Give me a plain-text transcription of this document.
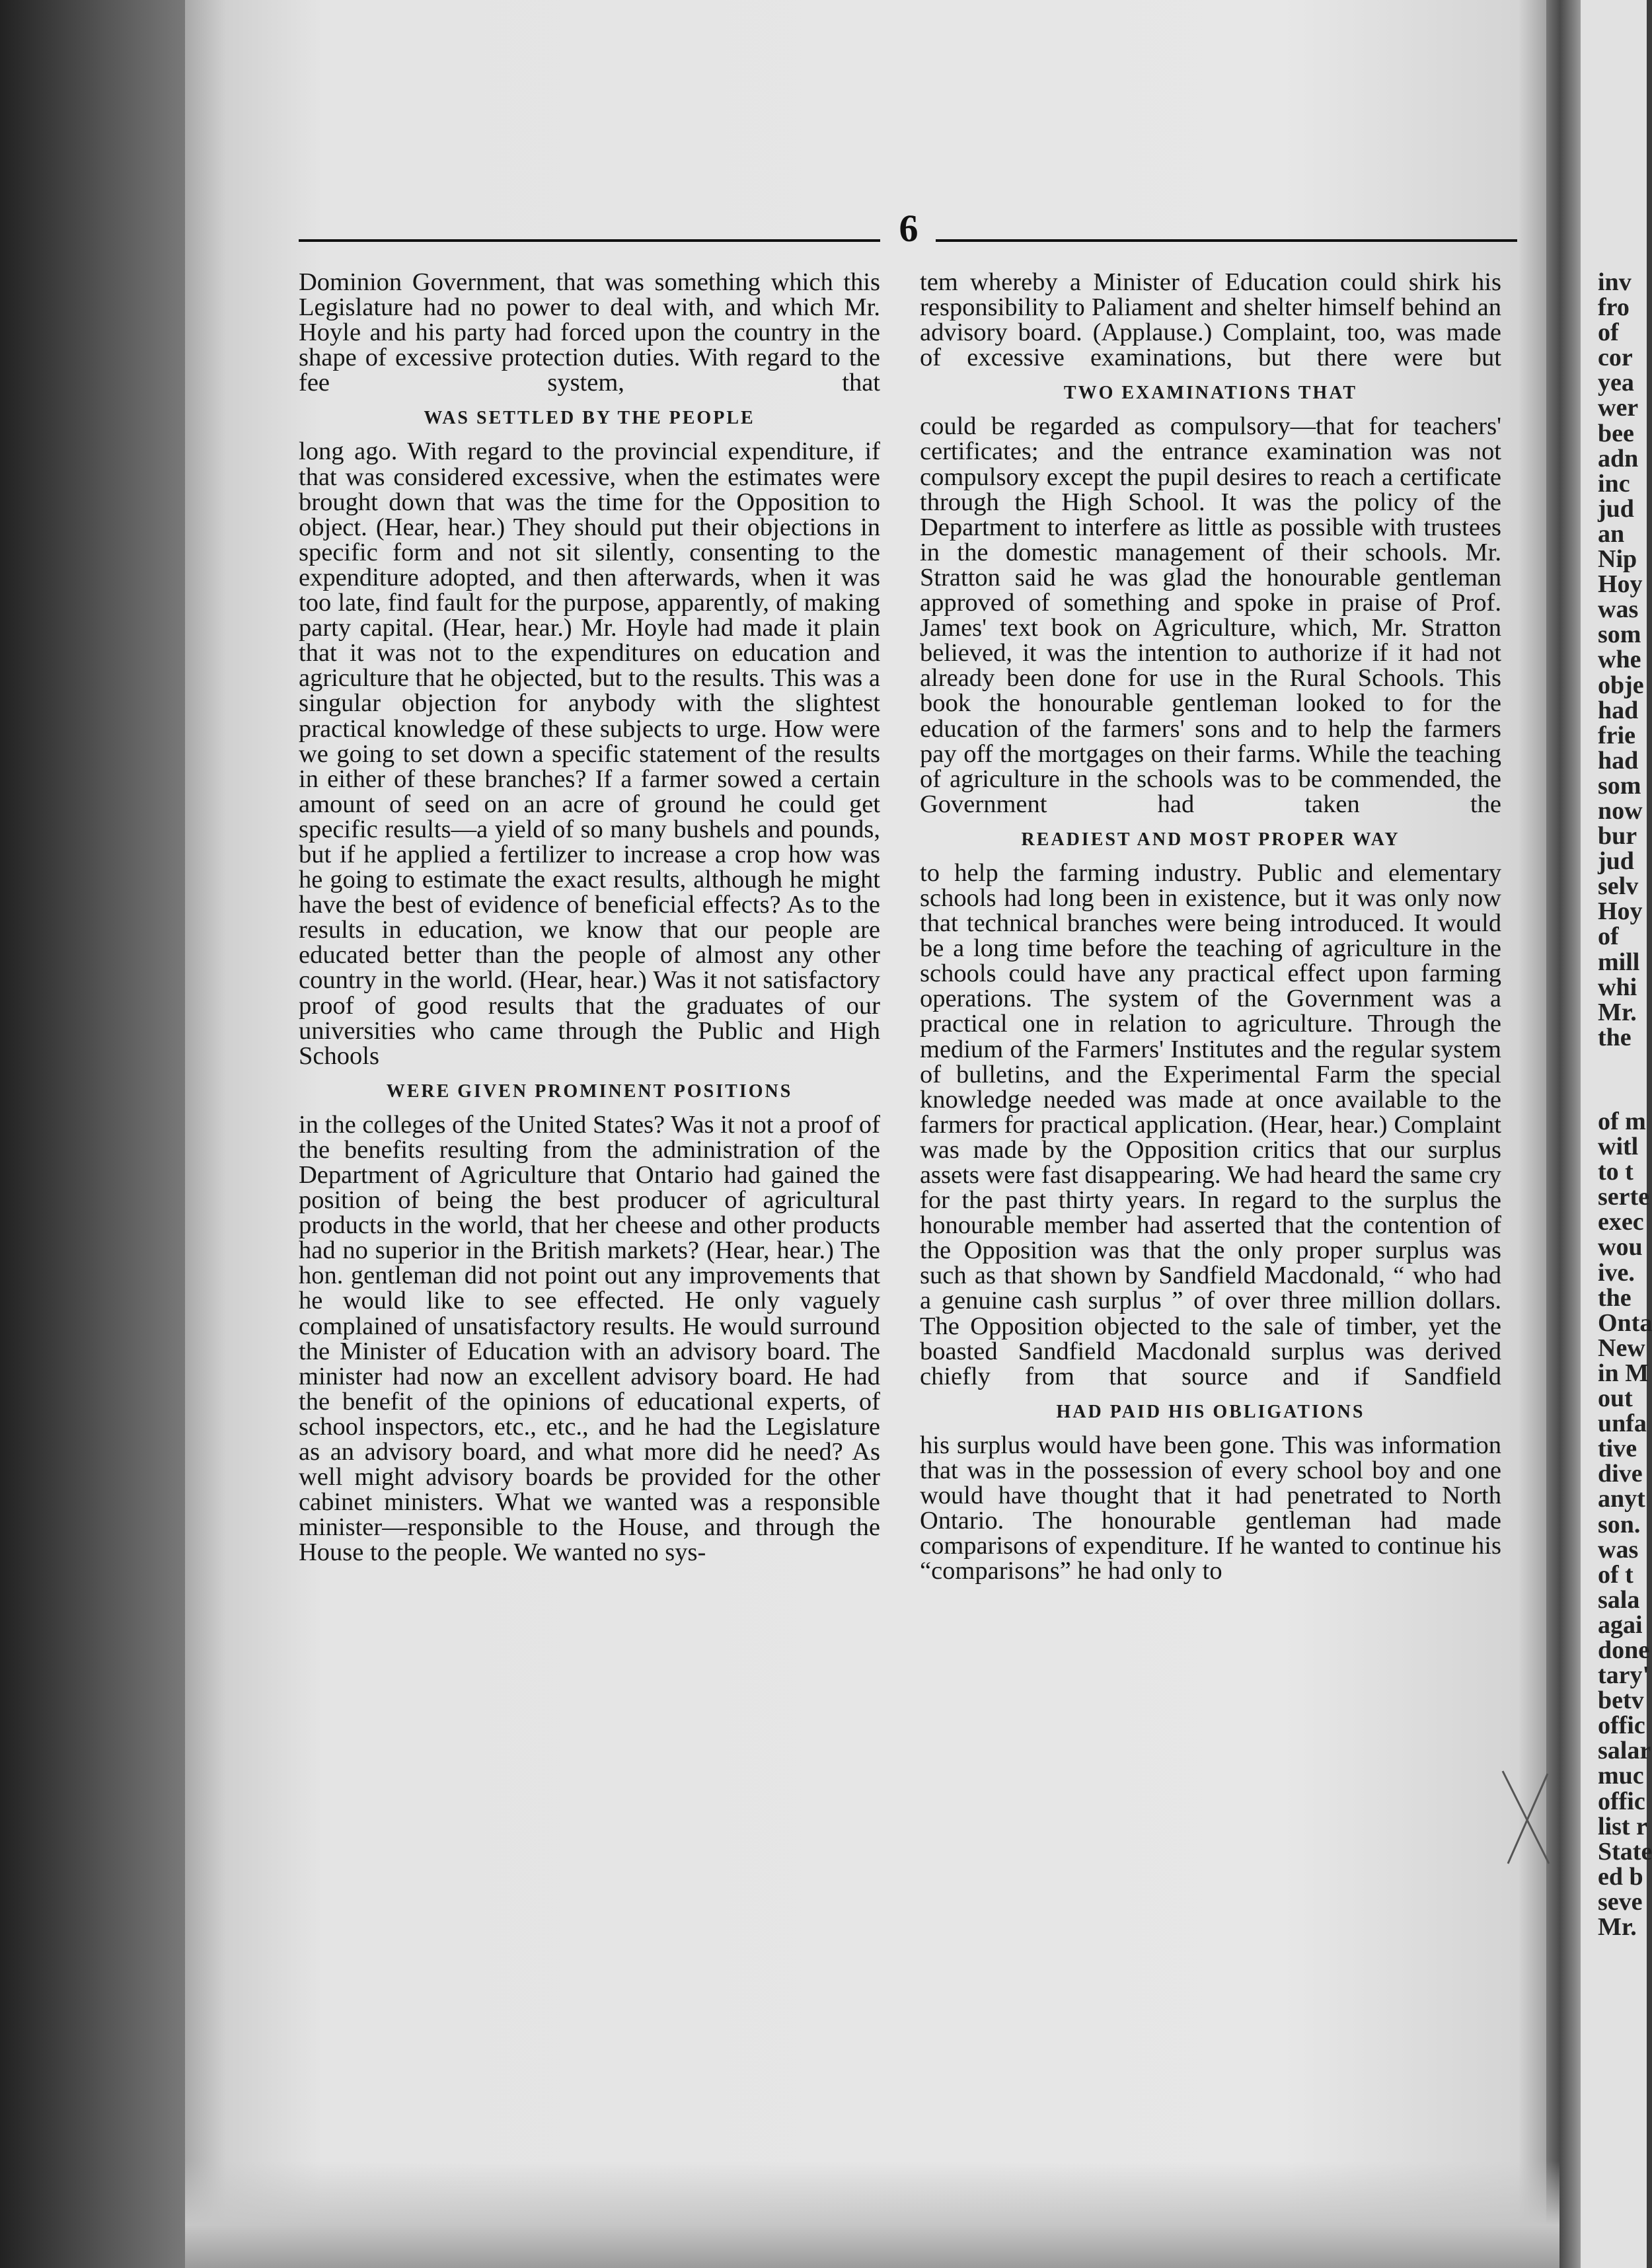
inv
fro
of
cor
yea
wer
bee
adn
inc
jud
an
Nip
Hoy
was
som
whe
obje
had
frie
had
som
now
bur
jud
selv
Hoy
of
mill
whi
Mr.
the
of m
witl
to t
serte
exec
wou
ive.
the
Onta
New
in M
out
unfa
tive
dive
anyt
son.
was
of t
sala
agai
done
tary'
betv
offic
salar
muc
offic
list r
State
ed b
seve
Mr.
6

Dominion Government, that was something which this Legislature had no power to deal with, and which Mr. Hoyle and his party had forced upon the country in the shape of excessive protection duties. With regard to the fee system, that

WAS SETTLED BY THE PEOPLE

long ago. With regard to the provincial expenditure, if that was considered excessive, when the estimates were brought down that was the time for the Opposition to object. (Hear, hear.) They should put their objections in specific form and not sit silently, consenting to the expenditure adopted, and then afterwards, when it was too late, find fault for the purpose, apparently, of making party capital. (Hear, hear.) Mr. Hoyle had made it plain that it was not to the expenditures on education and agriculture that he objected, but to the results. This was a singular objection for anybody with the slightest practical knowledge of these subjects to urge. How were we going to set down a specific statement of the results in either of these branches? If a farmer sowed a certain amount of seed on an acre of ground he could get specific results—a yield of so many bushels and pounds, but if he applied a fertilizer to increase a crop how was he going to estimate the exact results, although he might have the best of evidence of beneficial effects? As to the results in education, we know that our people are educated better than the people of almost any other country in the world. (Hear, hear.) Was it not satisfactory proof of good results that the graduates of our universities who came through the Public and High Schools

WERE GIVEN PROMINENT POSITIONS

in the colleges of the United States? Was it not a proof of the benefits resulting from the administration of the Department of Agriculture that Ontario had gained the position of being the best producer of agricultural products in the world, that her cheese and other products had no superior in the British markets? (Hear, hear.) The hon. gentleman did not point out any improvements that he would like to see effected. He only vaguely complained of unsatisfactory results. He would surround the Minister of Education with an advisory board. The minister had now an excellent advisory board. He had the benefit of the opinions of educational experts, of school inspectors, etc., etc., and he had the Legislature as an advisory board, and what more did he need? As well might advisory boards be provided for the other cabinet ministers. What we wanted was a responsible minister—responsible to the House, and through the House to the people. We wanted no sys-

tem whereby a Minister of Education could shirk his responsibility to Paliament and shelter himself behind an advisory board. (Applause.) Complaint, too, was made of excessive examinations, but there were but

TWO EXAMINATIONS THAT

could be regarded as compulsory—that for teachers' certificates; and the entrance examination was not compulsory except the pupil desires to reach a certificate through the High School. It was the policy of the Department to interfere as little as possible with trustees in the domestic management of their schools. Mr. Stratton said he was glad the honourable gentleman approved of something and spoke in praise of Prof. James' text book on Agriculture, which, Mr. Stratton believed, it was the intention to authorize if it had not already been done for use in the Rural Schools. This book the honourable gentleman looked to for the education of the farmers' sons and to help the farmers pay off the mortgages on their farms. While the teaching of agriculture in the schools was to be commended, the Government had taken the

READIEST AND MOST PROPER WAY

to help the farming industry. Public and elementary schools had long been in existence, but it was only now that technical branches were being introduced. It would be a long time before the teaching of agriculture in the schools could have any practical effect upon farming operations. The system of the Government was a practical one in relation to agriculture. Through the medium of the Farmers' Institutes and the regular system of bulletins, and the Experimental Farm the special knowledge needed was made at once available to the farmers for practical application. (Hear, hear.) Complaint was made by the Opposition critics that our surplus assets were fast disappearing. We had heard the same cry for the past thirty years. In regard to the surplus the honourable member had asserted that the contention of the Opposition was that the only proper surplus was such as that shown by Sandfield Macdonald, “ who had a genuine cash surplus ” of over three million dollars. The Opposition objected to the sale of timber, yet the boasted Sandfield Macdonald surplus was derived chiefly from that source and if Sandfield

HAD PAID HIS OBLIGATIONS

his surplus would have been gone. This was information that was in the possession of every school boy and one would have thought that it had penetrated to North Ontario. The honourable gentleman had made comparisons of expenditure. If he wanted to continue his “comparisons” he had only to
